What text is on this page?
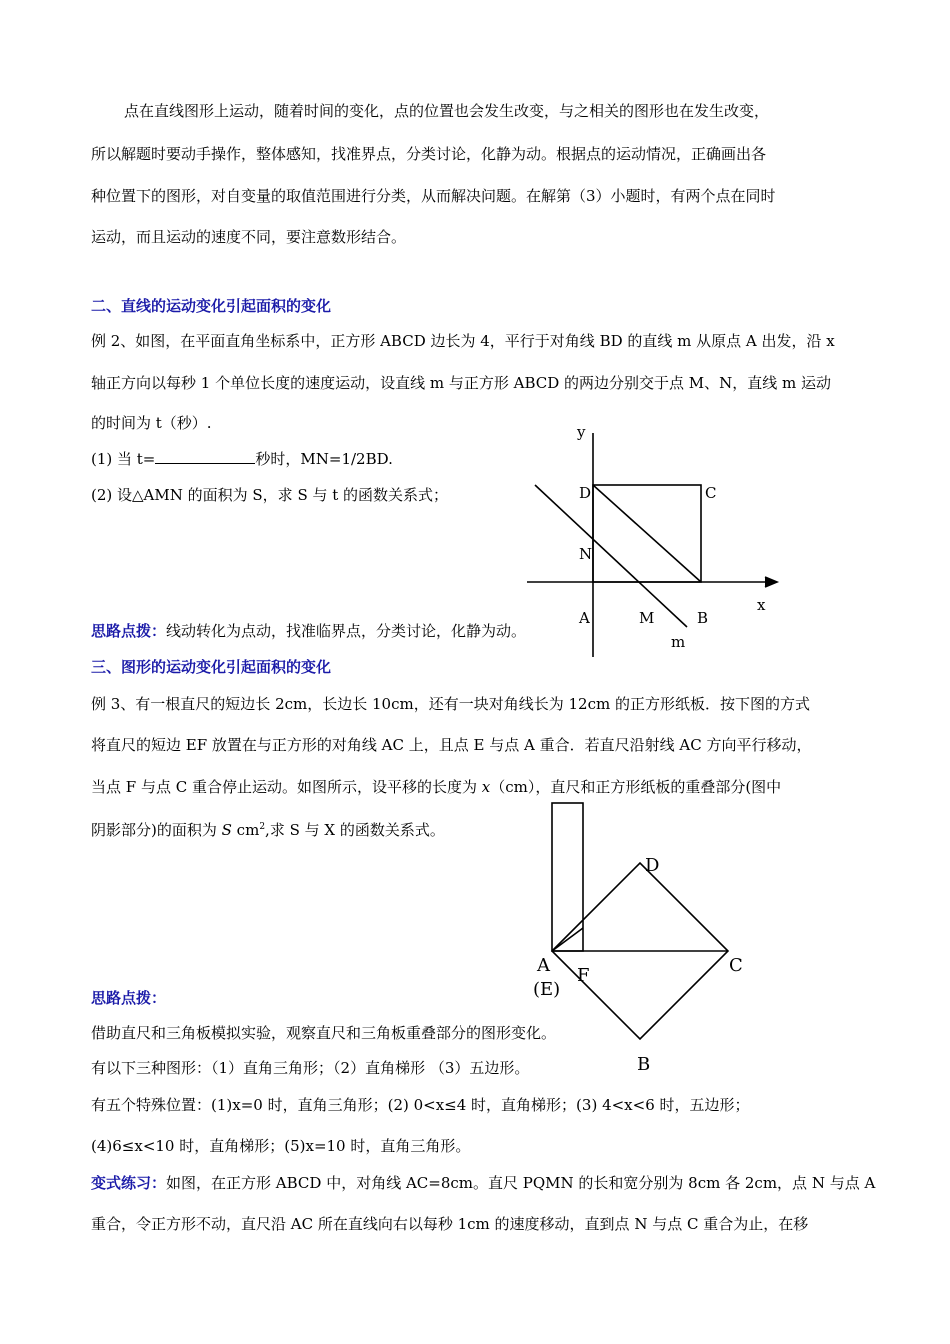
点在直线图形上运动，随着时间的变化，点的位置也会发生改变，与之相关的图形也在发生改变，
所以解题时要动手操作，整体感知，找准界点，分类讨论，化静为动。根据点的运动情况，正确画出各
种位置下的图形，对自变量的取值范围进行分类，从而解决问题。在解第（3）小题时，有两个点在同时
运动，而且运动的速度不同，要注意数形结合。
二、直线的运动变化引起面积的变化
例 2、如图，在平面直角坐标系中，正方形 ABCD 边长为 4，平行于对角线 BD 的直线 m 从原点 A 出发，沿 x
轴正方向以每秒 1 个单位长度的速度运动，设直线 m 与正方形 ABCD 的两边分别交于点 M、N，直线 m 运动
的时间为 t（秒）.
(1) 当 t=	秒时，MN=1/2BD.
(2) 设△AMN 的面积为 S，求 S 与 t 的函数关系式；
思路点拨：线动转化为点动，找准临界点，分类讨论，化静为动。
y
x
D	C
N
A	M	B
m
三、图形的运动变化引起面积的变化
例 3、有一根直尺的短边长 2cm，长边长 10cm，还有一块对角线长为 12cm 的正方形纸板．按下图的方式
将直尺的短边 EF 放置在与正方形的对角线 AC 上，且点 E 与点 A 重合．若直尺沿射线 AC 方向平行移动，
当点 F 与点 C 重合停止运动。如图所示，设平移的长度为 x（cm），直尺和正方形纸板的重叠部分(图中
阴影部分)的面积为 S $cm^2$,求 S 与 X 的函数关系式。
思路点拨：
借助直尺和三角板模拟实验，观察直尺和三角板重叠部分的图形变化。
有以下三种图形：（1）直角三角形；（2）直角梯形 （3）五边形。
有五个特殊位置：(1)x=0 时，直角三角形；(2) 0<x≤4 时，直角梯形；(3) 4<x<6 时，五边形；
(4)6≤x<10 时，直角梯形；(5)x=10 时，直角三角形。
变式练习：如图，在正方形 ABCD 中，对角线 AC=8cm。直尺 PQMN 的长和宽分别为 8cm 各 2cm，点 N 与点 A
重合，令正方形不动，直尺沿 AC 所在直线向右以每秒 1cm 的速度移动，直到点 N 与点 C 重合为止，在移
D
A
(E)
F	C
B
